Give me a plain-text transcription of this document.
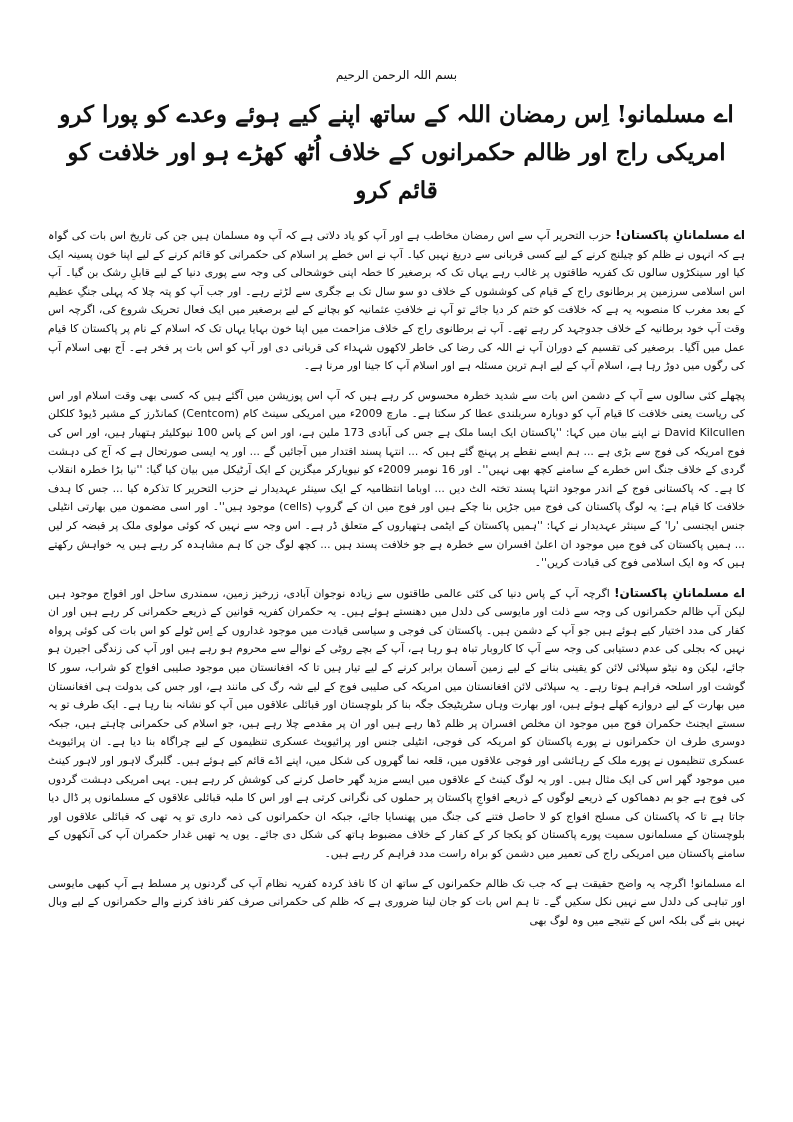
بسم اللہ الرحمن الرحیم

اے مسلمانو! اِس رمضان اللہ کے ساتھ اپنے کیے ہوئے وعدے کو پورا کرو

امریکی راج اور ظالم حکمرانوں کے خلاف اُٹھ کھڑے ہو اور خلافت کو قائم کرو

اے مسلمانانِ پاکستان! حزب التحریر آپ سے اس رمضان مخاطب ہے اور آپ کو یاد دلاتی ہے کہ آپ وہ مسلمان ہیں جن کی تاریخ اس بات کی گواہ ہے کہ انہوں نے ظلم کو چیلنج کرنے کے لیے کسی قربانی سے دریغ نہیں کیا۔ آپ نے اس خطے پر اسلام کی حکمرانی کو قائم کرنے کے لیے اپنا خون پسینہ ایک کیا اور سینکڑوں سالوں تک کفریہ طاقتوں پر غالب رہے یہاں تک کہ برصغیر کا خطہ اپنی خوشحالی کی وجہ سے پوری دنیا کے لیے قابلِ رشک بن گیا۔ آپ اس اسلامی سرزمین پر برطانوی راج کے قیام کی کوششوں کے خلاف دو سو سال تک بے جگری سے لڑتے رہے۔ اور جب آپ کو پتہ چلا کہ پہلی جنگِ عظیم کے بعد مغرب کا منصوبہ یہ ہے کہ خلافت کو ختم کر دیا جائے تو آپ نے خلافتِ عثمانیہ کو بچانے کے لیے برصغیر میں ایک فعال تحریک شروع کی، اگرچہ اس وقت آپ خود برطانیہ کے خلاف جدوجہد کر رہے تھے۔ آپ نے برطانوی راج کے خلاف مزاحمت میں اپنا خون بہایا یہاں تک کہ اسلام کے نام پر پاکستان کا قیام عمل میں آگیا۔ برصغیر کی تقسیم کے دوران آپ نے اللہ کی رضا کی خاطر لاکھوں شہداء کی قربانی دی اور آپ کو اس بات پر فخر ہے۔ آج بھی اسلام آپ کی رگوں میں دوڑ رہا ہے، اسلام آپ کے لیے اہم ترین مسئلہ ہے اور اسلام آپ کا جینا اور مرنا ہے۔

پچھلے کئی سالوں سے آپ کے دشمن اس بات سے شدید خطرہ محسوس کر رہے ہیں کہ آپ اس پوزیشن میں آگئے ہیں کہ کسی بھی وقت اسلام اور اس کی ریاست یعنی خلافت کا قیام آپ کو دوبارہ سربلندی عطا کر سکتا ہے۔ مارچ 2009ء میں امریکی سینٹ کام (Centcom) کمانڈرز کے مشیر ڈیوڈ کلکلن David Kilcullen نے اپنے بیان میں کہا: ''پاکستان ایک ایسا ملک ہے جس کی آبادی 173 ملین ہے، اور اس کے پاس 100 نیوکلیئر ہتھیار ہیں، اور اس کی فوج امریکہ کی فوج سے بڑی ہے ... ہم ایسے نقطے پر پہنچ گئے ہیں کہ ... انتہا پسند اقتدار میں آجائیں گے ... اور یہ ایسی صورتحال ہے کہ آج کی دہشت گردی کے خلاف جنگ اس خطرے کے سامنے کچھ بھی نہیں''۔ اور 16 نومبر 2009ء کو نیویارکر میگزین کے ایک آرٹیکل میں بیان کیا گیا: ''نیا بڑا خطرہ انقلاب کا ہے۔ کہ پاکستانی فوج کے اندر موجود انتہا پسند تختہ الٹ دیں ... اوباما انتظامیہ کے ایک سینئر عہدیدار نے حزب التحریر کا تذکرہ کیا ... جس کا ہدف خلافت کا قیام ہے: یہ لوگ پاکستان کی فوج میں جڑیں بنا چکے ہیں اور فوج میں ان کے گروپ (cells) موجود ہیں''۔ اور اسی مضمون میں بھارتی انٹیلی جنس ایجنسی 'را' کے سینئر عہدیدار نے کہا: ''ہمیں پاکستان کے ایٹمی ہتھیاروں کے متعلق ڈر ہے۔ اس وجہ سے نہیں کہ کوئی مولوی ملک پر قبضہ کر لیں ... ہمیں پاکستان کی فوج میں موجود ان اعلیٰ افسران سے خطرہ ہے جو خلافت پسند ہیں ... کچھ لوگ جن کا ہم مشاہدہ کر رہے ہیں یہ خواہش رکھتے ہیں کہ وہ ایک اسلامی فوج کی قیادت کریں''۔

اے مسلمانانِ پاکستان! اگرچہ آپ کے پاس دنیا کی کئی عالمی طاقتوں سے زیادہ نوجوان آبادی، زرخیز زمین، سمندری ساحل اور افواج موجود ہیں لیکن آپ ظالم حکمرانوں کی وجہ سے ذلت اور مایوسی کی دلدل میں دھنستے ہوئے ہیں۔ یہ حکمران کفریہ قوانین کے ذریعے حکمرانی کر رہے ہیں اور ان کفار کی مدد اختیار کیے ہوئے ہیں جو آپ کے دشمن ہیں۔ پاکستان کی فوجی و سیاسی قیادت میں موجود غداروں کے اِس ٹولے کو اس بات کی کوئی پرواہ نہیں کہ بجلی کی عدم دستیابی کی وجہ سے آپ کا کاروبار تباہ ہو رہا ہے، آپ کے بچے روٹی کے نوالے سے محروم ہو رہے ہیں اور آپ کی زندگی اجیرن ہو جائے، لیکن وہ نیٹو سپلائی لائن کو یقینی بنانے کے لیے زمین آسمان برابر کرنے کے لیے تیار ہیں تا کہ افغانستان میں موجود صلیبی افواج کو شراب، سور کا گوشت اور اسلحہ فراہم ہوتا رہے۔ یہ سپلائی لائن افغانستان میں امریکہ کی صلیبی فوج کے لیے شہ رگ کی مانند ہے، اور جس کی بدولت ہی افغانستان میں بھارت کے لیے دروازے کھلے ہوئے ہیں، اور بھارت وہاں سٹریٹیجک جگہ بنا کر بلوچستان اور قبائلی علاقوں میں آپ کو نشانہ بنا رہا ہے۔ ایک طرف تو یہ سستے ایجنٹ حکمران فوج میں موجود ان مخلص افسران پر ظلم ڈھا رہے ہیں اور ان پر مقدمے چلا رہے ہیں، جو اسلام کی حکمرانی چاہتے ہیں، جبکہ دوسری طرف ان حکمرانوں نے پورے پاکستان کو امریکہ کی فوجی، انٹیلی جنس اور پرائیویٹ عسکری تنظیموں کے لیے چراگاہ بنا دیا ہے۔ ان پرائیویٹ عسکری تنظیموں نے پورے ملک کے رہائشی اور فوجی علاقوں میں، قلعہ نما گھروں کی شکل میں، اپنے اڈے قائم کیے ہوئے ہیں۔ گلبرگ لاہور اور لاہور کینٹ میں موجود گھر اس کی ایک مثال ہیں۔ اور یہ لوگ کینٹ کے علاقوں میں ایسے مزید گھر حاصل کرنے کی کوشش کر رہے ہیں۔ یہی امریکی دہشت گردوں کی فوج ہے جو بم دھماکوں کے ذریعے لوگوں کے ذریعے افواجِ پاکستان پر حملوں کی نگرانی کرتی ہے اور اس کا ملبہ قبائلی علاقوں کے مسلمانوں پر ڈال دیا جاتا ہے تا کہ پاکستان کی مسلح افواج کو لا حاصل فتنے کی جنگ میں پھنسایا جائے، جبکہ ان حکمرانوں کی ذمہ داری تو یہ تھی کہ قبائلی علاقوں اور بلوچستان کے مسلمانوں سمیت پورے پاکستان کو یکجا کر کے کفار کے خلاف مضبوط ہاتھ کی شکل دی جائے۔ یوں یہ تھیں غدار حکمران آپ کی آنکھوں کے سامنے پاکستان میں امریکی راج کی تعمیر میں دشمن کو براہ راست مدد فراہم کر رہے ہیں۔

اے مسلمانو! اگرچہ یہ واضح حقیقت ہے کہ جب تک ظالم حکمرانوں کے ساتھ ان کا نافذ کردہ کفریہ نظام آپ کی گردنوں پر مسلط ہے آپ کبھی مایوسی اور تباہی کی دلدل سے نہیں نکل سکیں گے۔ تا ہم اس بات کو جان لینا ضروری ہے کہ ظلم کی حکمرانی صرف کفر نافذ کرنے والے حکمرانوں کے لیے وبال نہیں بنے گی بلکہ اس کے نتیجے میں وہ لوگ بھی
